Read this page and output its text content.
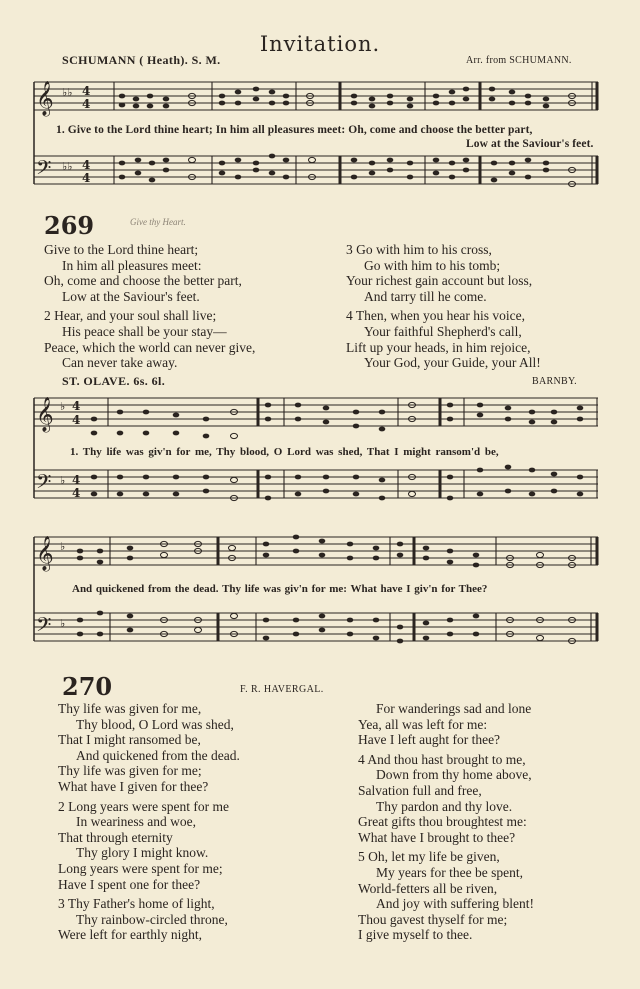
Invitation.
SCHUMANN ( Heath). S. M.	Arr. from SCHUMANN.
𝄞
𝄢
♭♭
♭♭
4
4
4
4
𝄞
𝄢
♭
♭
4
4
4
4
𝄞
𝄢
♭
♭
1. Give to the Lord thine heart; In him all pleasures meet: Oh, come and choose the better part,
Low at the Saviour's feet.
269	Give thy Heart.
Give to the Lord thine heart;
In him all pleasures meet:
Oh, come and choose the better part,
Low at the Saviour's feet.
2 Hear, and your soul shall live;
His peace shall be your stay—
Peace, which the world can never give,
Can never take away.
3 Go with him to his cross,
Go with him to his tomb;
Your richest gain account but loss,
And tarry till he come.
4 Then, when you hear his voice,
Your faithful Shepherd's call,
Lift up your heads, in him rejoice,
Your God, your Guide, your All!
ST. OLAVE. 6s. 6l.	BARNBY.
1. Thy life was giv'n for me, Thy blood, O Lord was shed, That I might ransom'd be,
And quickened from the dead. Thy life was giv'n for me: What have I giv'n for Thee?
270	F. R. HAVERGAL.
Thy life was given for me,
Thy blood, O Lord was shed,
That I might ransomed be,
And quickened from the dead.
Thy life was given for me;
What have I given for thee?
2 Long years were spent for me
In weariness and woe,
That through eternity
Thy glory I might know.
Long years were spent for me;
Have I spent one for thee?
3 Thy Father's home of light,
Thy rainbow-circled throne,
Were left for earthly night,
For wanderings sad and lone
Yea, all was left for me:
Have I left aught for thee?
4 And thou hast brought to me,
Down from thy home above,
Salvation full and free,
Thy pardon and thy love.
Great gifts thou broughtest me:
What have I brought to thee?
5 Oh, let my life be given,
My years for thee be spent,
World-fetters all be riven,
And joy with suffering blent!
Thou gavest thyself for me;
I give myself to thee.
